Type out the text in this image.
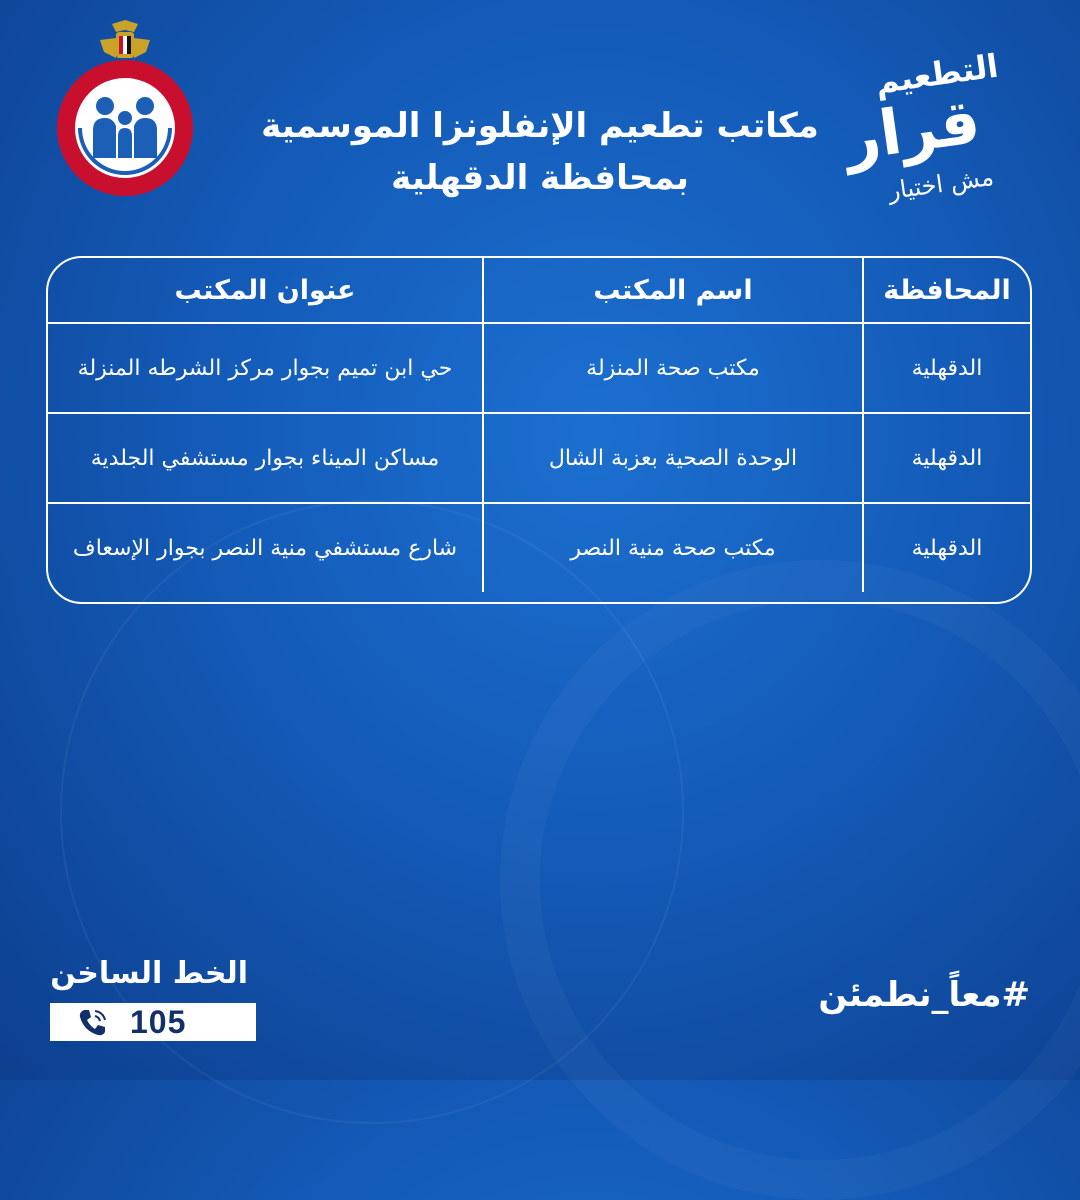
مكاتب تطعيم الإنفلونزا الموسمية
بمحافظة الدقهلية
التطعيم
قرار
مش اختيار
المحافظة
اسم المكتب
عنوان المكتب
الدقهلية
مكتب صحة المنزلة
حي ابن تميم بجوار مركز الشرطه المنزلة
الدقهلية
الوحدة الصحية بعزبة الشال
مساكن الميناء بجوار مستشفي الجلدية
الدقهلية
مكتب صحة منية النصر
شارع مستشفي منية النصر بجوار الإسعاف
الخط الساخن
105
#معاً_نطمئن
